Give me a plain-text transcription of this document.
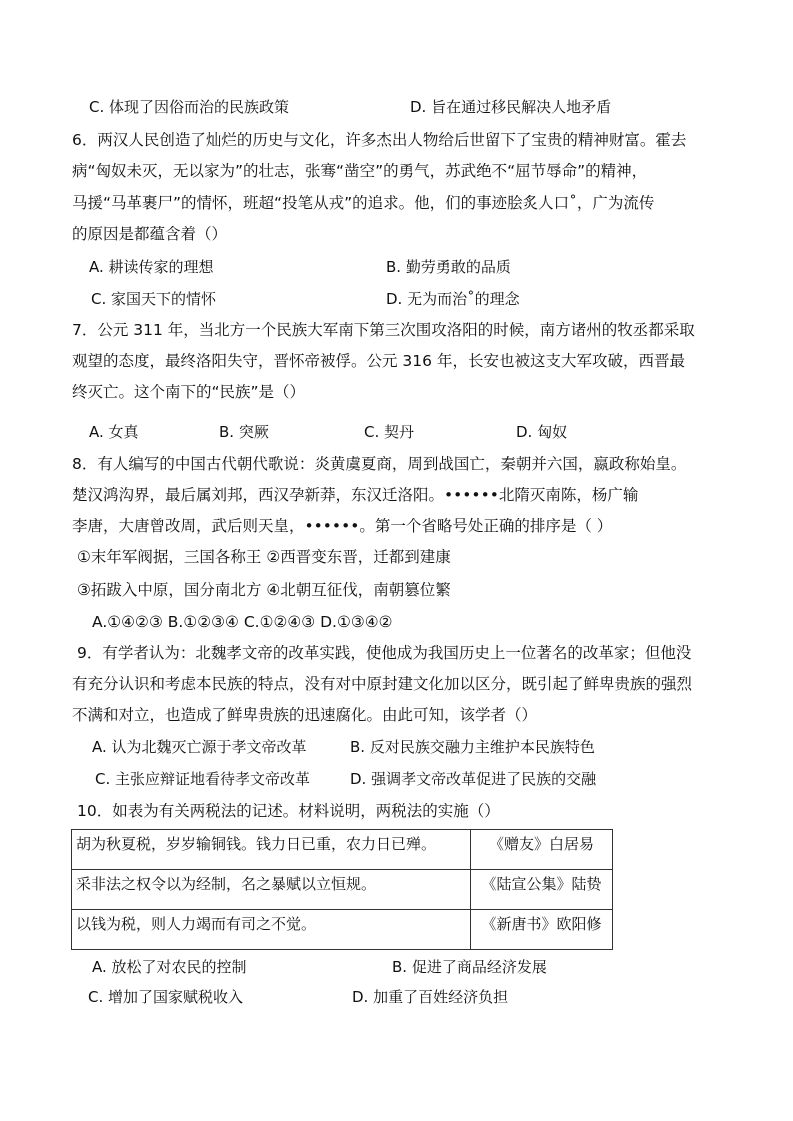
C. 体现了因俗而治的民族政策	D. 旨在通过移民解决人地矛盾
6．两汉人民创造了灿烂的历史与文化，许多杰出人物给后世留下了宝贵的精神财富。霍去
病“匈奴未灭，无以家为”的壮志，张骞“凿空”的勇气，苏武绝不“屈节辱命”的精神，
马援“马革裹尸”的情怀，班超“投笔从戎”的追求。他，们的事迹脍炙人口˚，广为流传
的原因是都蕴含着（）
A. 耕读传家的理想	B. 勤劳勇敢的品质
C. 家国天下的情怀	D. 无为而治˚的理念
7．公元 311 年，当北方一个民族大军南下第三次围攻洛阳的时候，南方诸州的牧丞都采取
观望的态度，最终洛阳失守，晋怀帝被俘。公元 316 年，长安也被这支大军攻破，西晋最
终灭亡。这个南下的“民族”是（）
A. 女真	B. 突厥	C. 契丹	D. 匈奴
8．有人编写的中国古代朝代歌说：炎黄虞夏商，周到战国亡，秦朝并六国，嬴政称始皇。
楚汉鸿沟界，最后属刘邦，西汉孕新莽，东汉迁洛阳。••••••北隋灭南陈，杨广输
李唐，大唐曾改周，武后则天皇，••••••。第一个省略号处正确的排序是（ ）
①末年军阀据，三国各称王 ②西晋变东晋，迁都到建康
③拓跋入中原，国分南北方 ④北朝互征伐，南朝篡位繁
A.①④②③ B.①②③④ C.①②④③ D.①③④②
9．有学者认为：北魏孝文帝的改革实践，使他成为我国历史上一位著名的改革家；但他没
有充分认识和考虑本民族的特点，没有对中原封建文化加以区分，既引起了鲜卑贵族的强烈
不满和对立，也造成了鲜卑贵族的迅速腐化。由此可知，该学者（）
A. 认为北魏灭亡源于孝文帝改革	B. 反对民族交融力主维护本民族特色
C. 主张应辩证地看待孝文帝改革	D. 强调孝文帝改革促进了民族的交融
10．如表为有关两税法的记述。材料说明，两税法的实施（）
胡为秋夏税，岁岁输铜钱。钱力日已重，农力日已殚。	《赠友》白居易
采非法之权令以为经制，名之暴赋以立恒规。	《陆宣公集》陆贽
以钱为税，则人力竭而有司之不觉。	《新唐书》欧阳修
A. 放松了对农民的控制	B. 促进了商品经济发展
C. 增加了国家赋税收入	D. 加重了百姓经济负担
